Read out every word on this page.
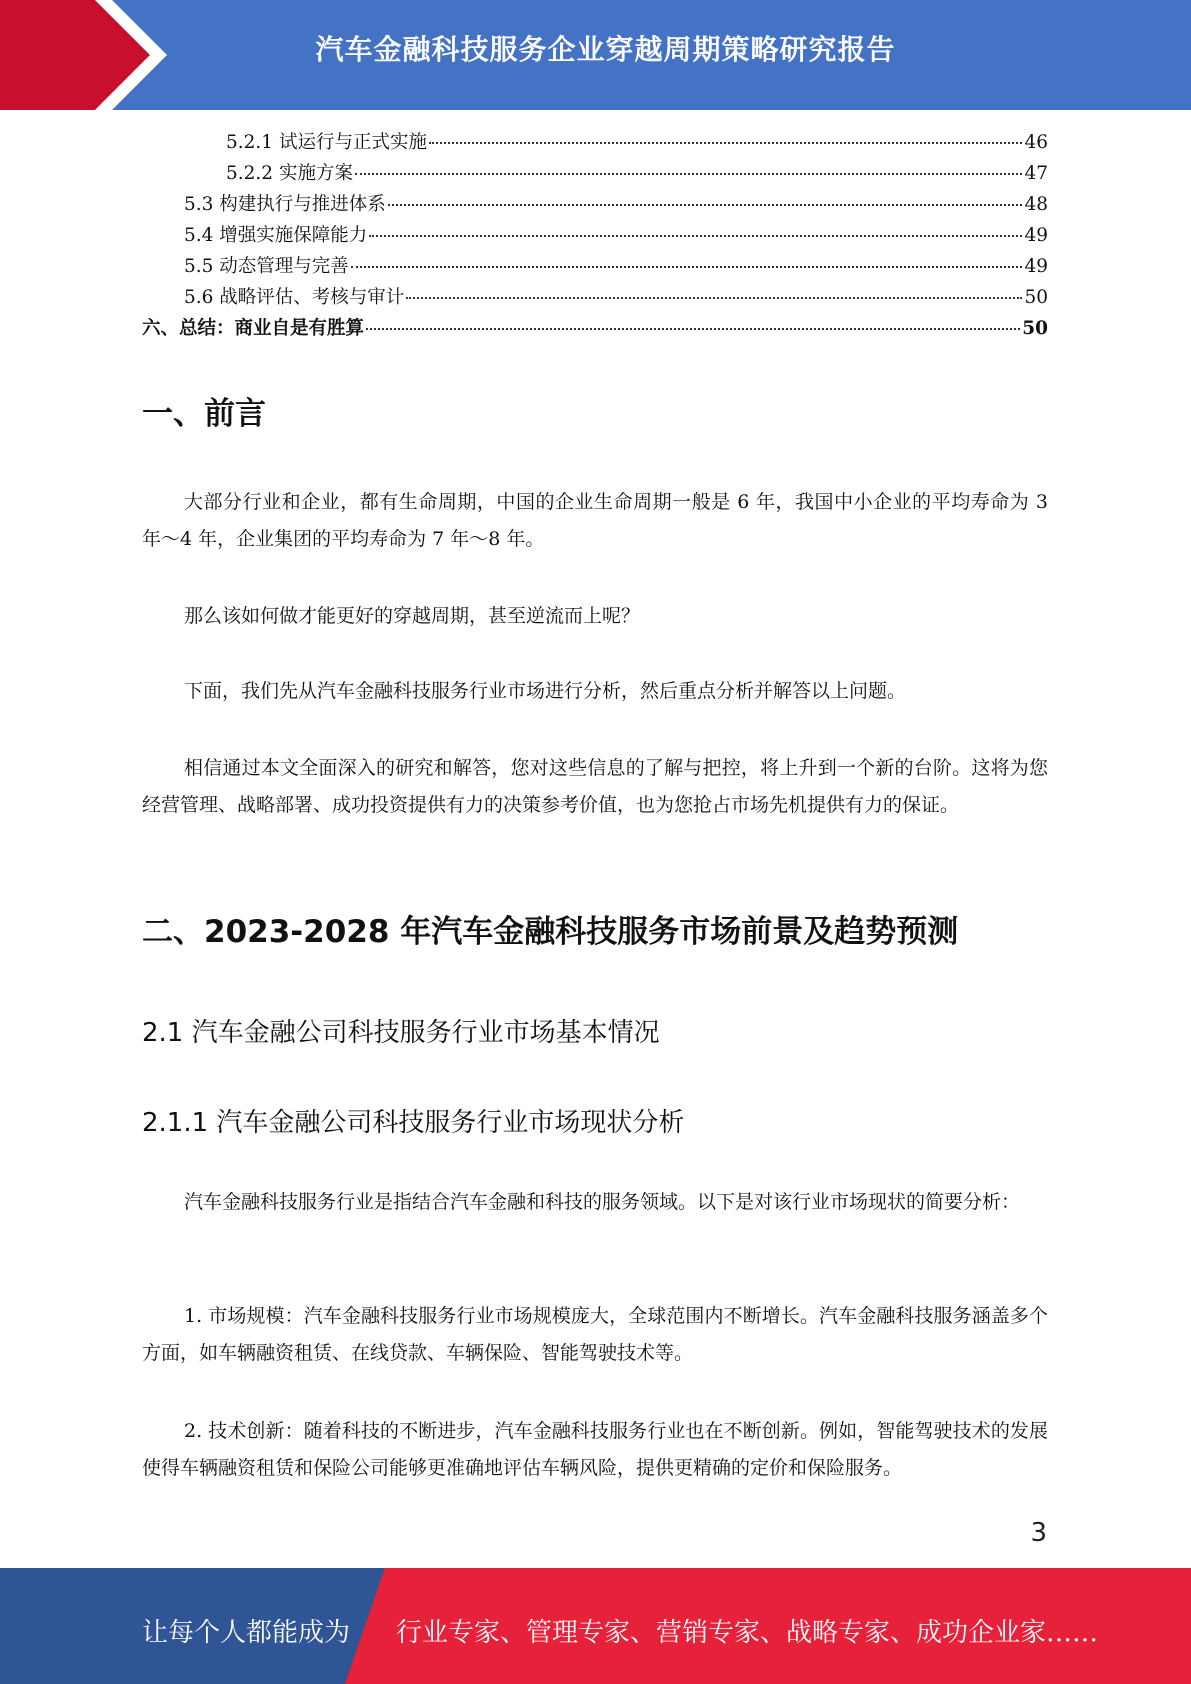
汽车金融科技服务企业穿越周期策略研究报告
5.2.1 试运行与正式实施	46
5.2.2 实施方案	47
5.3 构建执行与推进体系	48
5.4 增强实施保障能力	49
5.5 动态管理与完善	49
5.6 战略评估、考核与审计	50
六、总结：商业自是有胜算	50
一、前言

大部分行业和企业，都有生命周期，中国的企业生命周期一般是 6 年，我国中小企业的平均寿命为 3 年～4 年，企业集团的平均寿命为 7 年～8 年。

那么该如何做才能更好的穿越周期，甚至逆流而上呢？

下面，我们先从汽车金融科技服务行业市场进行分析，然后重点分析并解答以上问题。

相信通过本文全面深入的研究和解答，您对这些信息的了解与把控，将上升到一个新的台阶。这将为您经营管理、战略部署、成功投资提供有力的决策参考价值，也为您抢占市场先机提供有力的保证。

二、2023-2028 年汽车金融科技服务市场前景及趋势预测
2.1 汽车金融公司科技服务行业市场基本情况
2.1.1 汽车金融公司科技服务行业市场现状分析

汽车金融科技服务行业是指结合汽车金融和科技的服务领域。以下是对该行业市场现状的简要分析：

1. 市场规模：汽车金融科技服务行业市场规模庞大，全球范围内不断增长。汽车金融科技服务涵盖多个方面，如车辆融资租赁、在线贷款、车辆保险、智能驾驶技术等。

2. 技术创新：随着科技的不断进步，汽车金融科技服务行业也在不断创新。例如，智能驾驶技术的发展使得车辆融资租赁和保险公司能够更准确地评估车辆风险，提供更精确的定价和保险服务。

3
让每个人都能成为 行业专家、管理专家、营销专家、战略专家、成功企业家……
